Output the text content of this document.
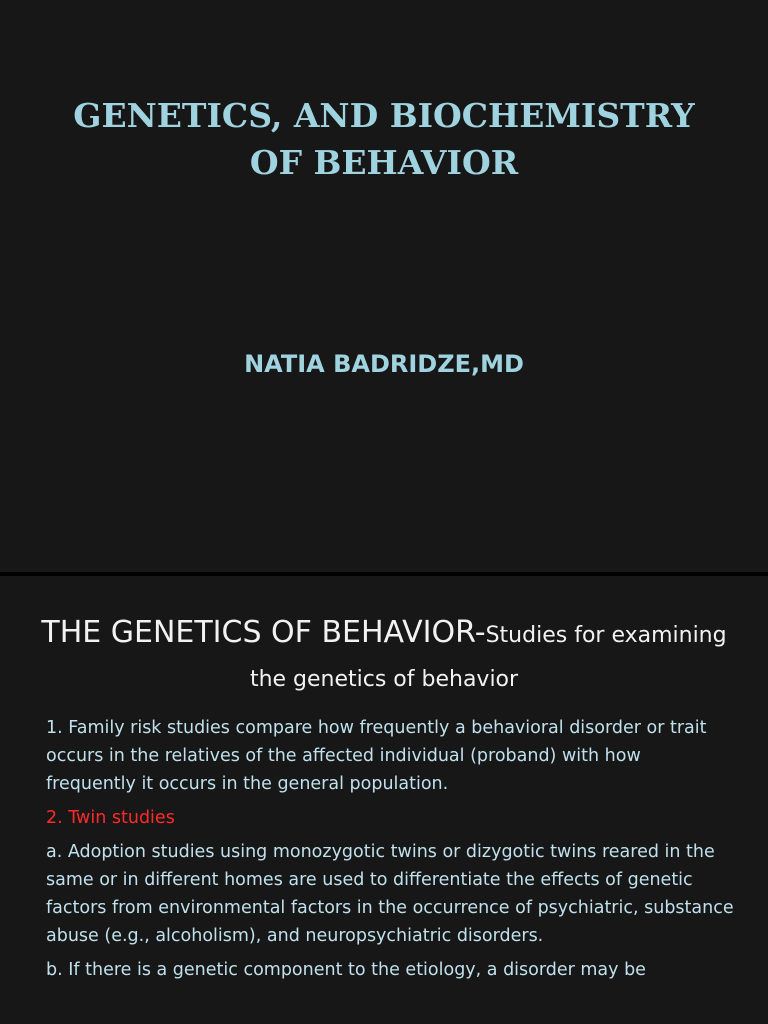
GENETICS, AND BIOCHEMISTRY
OF BEHAVIOR
NATIA BADRIDZE,MD
THE GENETICS OF BEHAVIOR-Studies for examining the genetics of behavior

1. Family risk studies compare how frequently a behavioral disorder or trait occurs in the relatives of the affected individual (proband) with how frequently it occurs in the general population.

2. Twin studies

a. Adoption studies using monozygotic twins or dizygotic twins reared in the same or in different homes are used to differentiate the effects of genetic factors from environmental factors in the occurrence of psychiatric, substance abuse (e.g., alcoholism), and neuropsychiatric disorders.

b. If there is a genetic component to the etiology, a disorder may be
